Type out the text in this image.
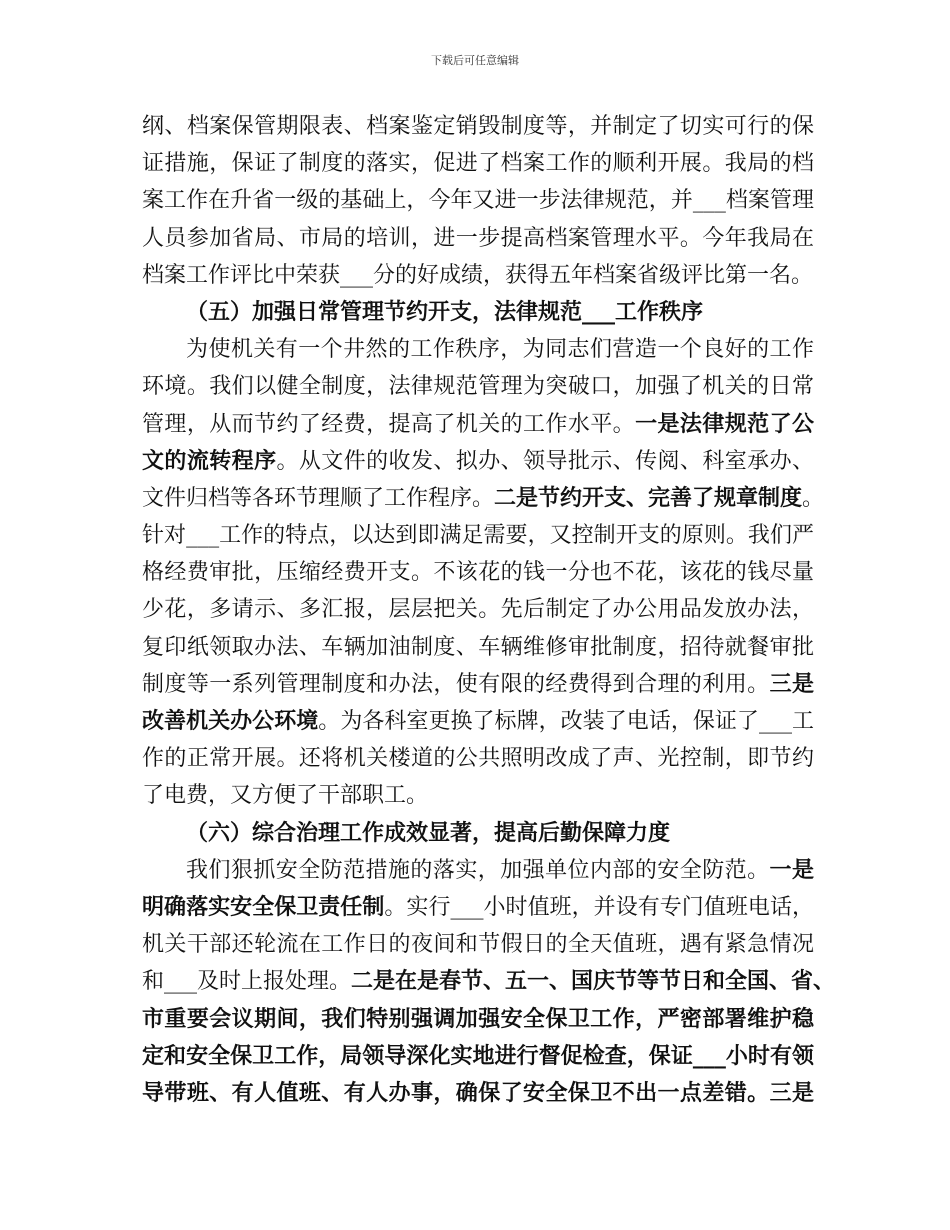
下载后可任意编辑
纲、档案保管期限表、档案鉴定销毁制度等，并制定了切实可行的保
证措施，保证了制度的落实，促进了档案工作的顺利开展。我局的档
案工作在升省一级的基础上，今年又进一步法律规范，并___档案管理
人员参加省局、市局的培训，进一步提高档案管理水平。今年我局在
档案工作评比中荣获___分的好成绩，获得五年档案省级评比第一名。
（五）加强日常管理节约开支，法律规范___工作秩序
为使机关有一个井然的工作秩序，为同志们营造一个良好的工作
环境。我们以健全制度，法律规范管理为突破口，加强了机关的日常
管理，从而节约了经费，提高了机关的工作水平。一是法律规范了公
文的流转程序。从文件的收发、拟办、领导批示、传阅、科室承办、
文件归档等各环节理顺了工作程序。二是节约开支、完善了规章制度。
针对___工作的特点，以达到即满足需要，又控制开支的原则。我们严
格经费审批，压缩经费开支。不该花的钱一分也不花，该花的钱尽量
少花，多请示、多汇报，层层把关。先后制定了办公用品发放办法，
复印纸领取办法、车辆加油制度、车辆维修审批制度，招待就餐审批
制度等一系列管理制度和办法，使有限的经费得到合理的利用。三是
改善机关办公环境。为各科室更换了标牌，改装了电话，保证了___工
作的正常开展。还将机关楼道的公共照明改成了声、光控制，即节约
了电费，又方便了干部职工。
（六）综合治理工作成效显著，提高后勤保障力度
我们狠抓安全防范措施的落实，加强单位内部的安全防范。一是
明确落实安全保卫责任制。实行___小时值班，并设有专门值班电话，
机关干部还轮流在工作日的夜间和节假日的全天值班，遇有紧急情况
和___及时上报处理。二是在是春节、五一、国庆节等节日和全国、省、
市重要会议期间，我们特别强调加强安全保卫工作，严密部署维护稳
定和安全保卫工作，局领导深化实地进行督促检查，保证___小时有领
导带班、有人值班、有人办事，确保了安全保卫不出一点差错。三是
